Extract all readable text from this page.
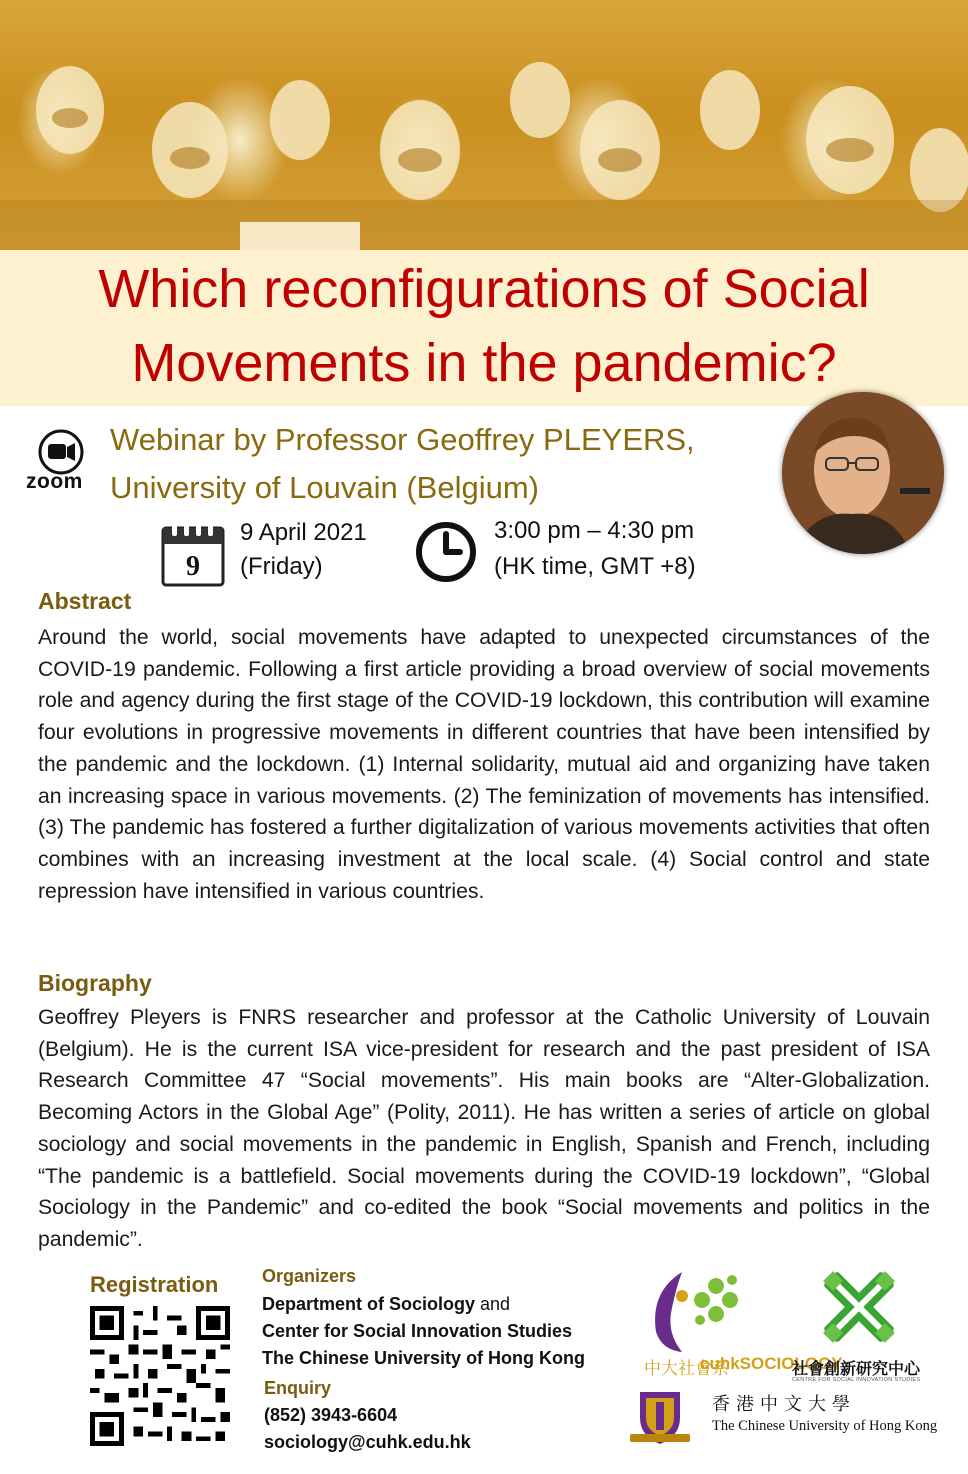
Which reconfigurations of Social
Movements in the pandemic?
zoom
Webinar by Professor Geoffrey PLEYERS,
University of Louvain (Belgium)
9
9 April 2021
(Friday)
3:00 pm – 4:30 pm
(HK time, GMT +8)
Abstract
Around the world, social movements have adapted to unexpected circumstances of the COVID-19 pandemic. Following a first article providing a broad overview of social movements role and agency during the first stage of the COVID-19 lockdown, this contribution will examine four evolutions in progressive movements in different countries that have been intensified by the pandemic and the lockdown. (1) Internal solidarity, mutual aid and organizing have taken an increasing space in various movements. (2) The feminization of movements has intensified. (3) The pandemic has fostered a further digitalization of various movements activities that often combines with an increasing investment at the local scale. (4) Social control and state repression have intensified in various countries.
Biography
Geoffrey Pleyers is FNRS researcher and professor at the Catholic University of Louvain (Belgium). He is the current ISA vice-president for research and the past president of ISA Research Committee 47 “Social movements”. His main books are “Alter-Globalization. Becoming Actors in the Global Age” (Polity, 2011). He has written a series of article on global sociology and social movements in the pandemic in English, Spanish and French, including “The pandemic is a battlefield. Social movements during the COVID-19 lockdown”, “Global Sociology in the Pandemic” and co-edited the book “Social movements and politics in the pandemic”.
Registration Organizers
Department of Sociology and
Center for Social Innovation Studies
The Chinese University of Hong Kong
Enquiry
(852) 3943-6604
sociology@cuhk.edu.hk
中大社會系
cuhkSOCIOLOGY
社會創新研究中心
CENTRE FOR SOCIAL INNOVATION STUDIES
香港中文大學
The Chinese University of Hong Kong
